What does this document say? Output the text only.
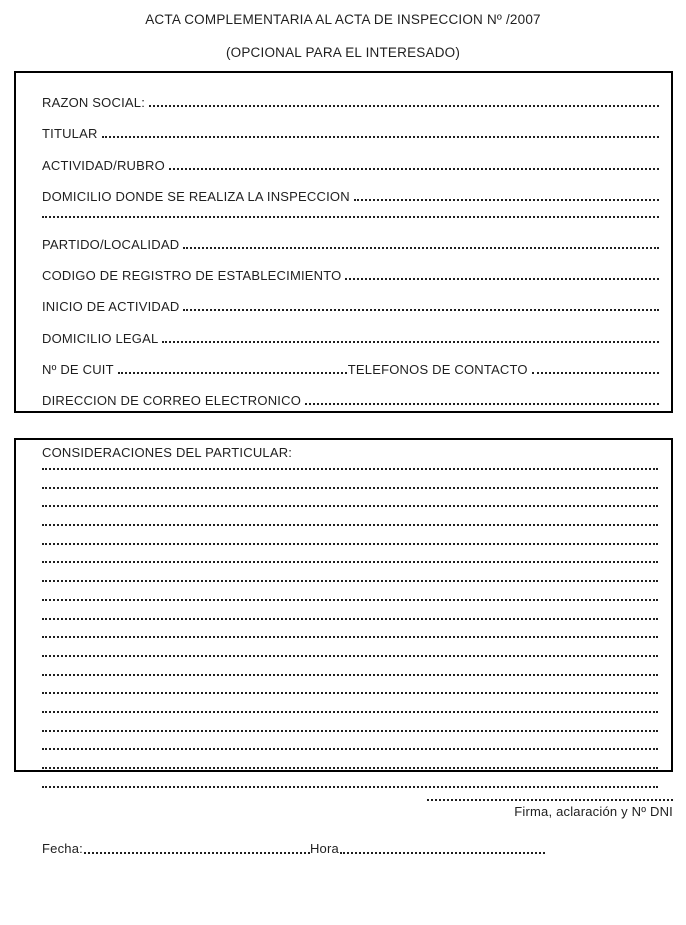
ACTA COMPLEMENTARIA AL ACTA DE INSPECCION Nº /2007
(OPCIONAL PARA EL INTERESADO)
RAZON SOCIAL:
TITULAR
ACTIVIDAD/RUBRO
DOMICILIO DONDE SE REALIZA LA INSPECCION
PARTIDO/LOCALIDAD
CODIGO DE REGISTRO DE ESTABLECIMIENTO
INICIO DE ACTIVIDAD
DOMICILIO LEGAL
Nº DE CUIT	TELEFONOS DE CONTACTO
DIRECCION DE CORREO ELECTRONICO
CONSIDERACIONES DEL PARTICULAR:
Firma, aclaración y Nº DNI
Fecha:	Hora
